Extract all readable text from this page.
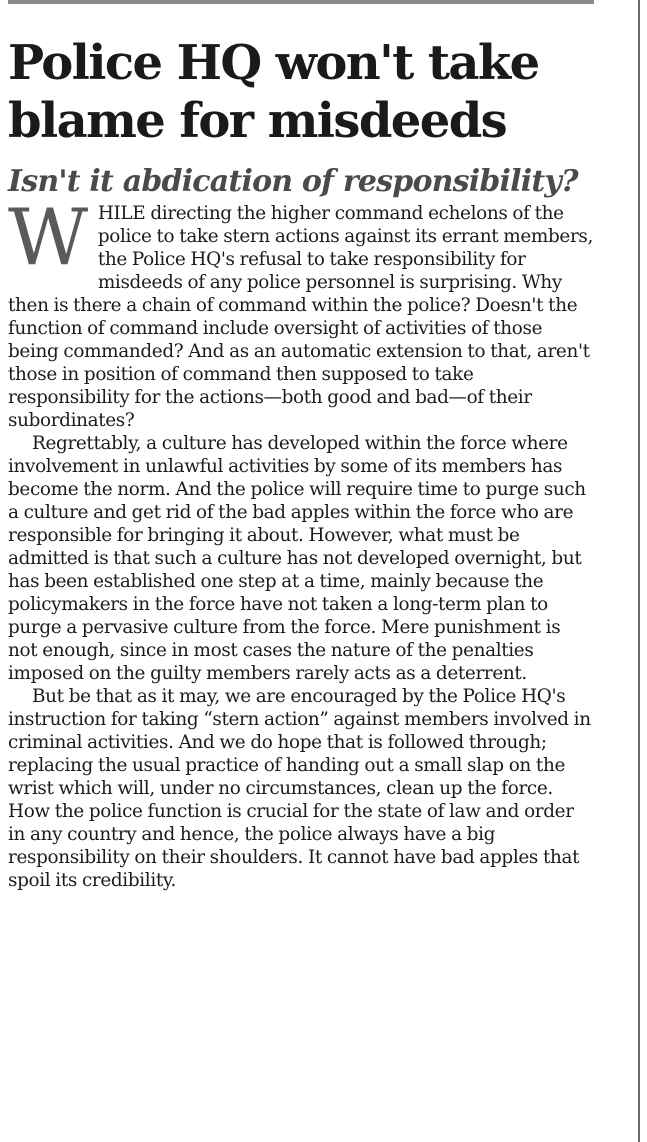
Police HQ won't take
blame for misdeeds
Isn't it abdication of responsibility?

WHILE directing the higher command echelons of the police to take stern actions against its errant members, the Police HQ's refusal to take responsibility for misdeeds of any police personnel is surprising. Why then is there a chain of command within the police? Doesn't the function of command include oversight of activities of those being commanded? And as an automatic extension to that, aren't those in position of command then supposed to take responsibility for the actions—both good and bad—of their subordinates?

Regrettably, a culture has developed within the force where involvement in unlawful activities by some of its members has become the norm. And the police will require time to purge such a culture and get rid of the bad apples within the force who are responsible for bringing it about. However, what must be admitted is that such a culture has not developed overnight, but has been established one step at a time, mainly because the policymakers in the force have not taken a long-term plan to purge a pervasive culture from the force. Mere punishment is not enough, since in most cases the nature of the penalties imposed on the guilty members rarely acts as a deterrent.

But be that as it may, we are encouraged by the Police HQ's instruction for taking “stern action” against members involved in criminal activities. And we do hope that is followed through; replacing the usual practice of handing out a small slap on the wrist which will, under no circumstances, clean up the force. How the police function is crucial for the state of law and order in any country and hence, the police always have a big responsibility on their shoulders. It cannot have bad apples that spoil its credibility.
